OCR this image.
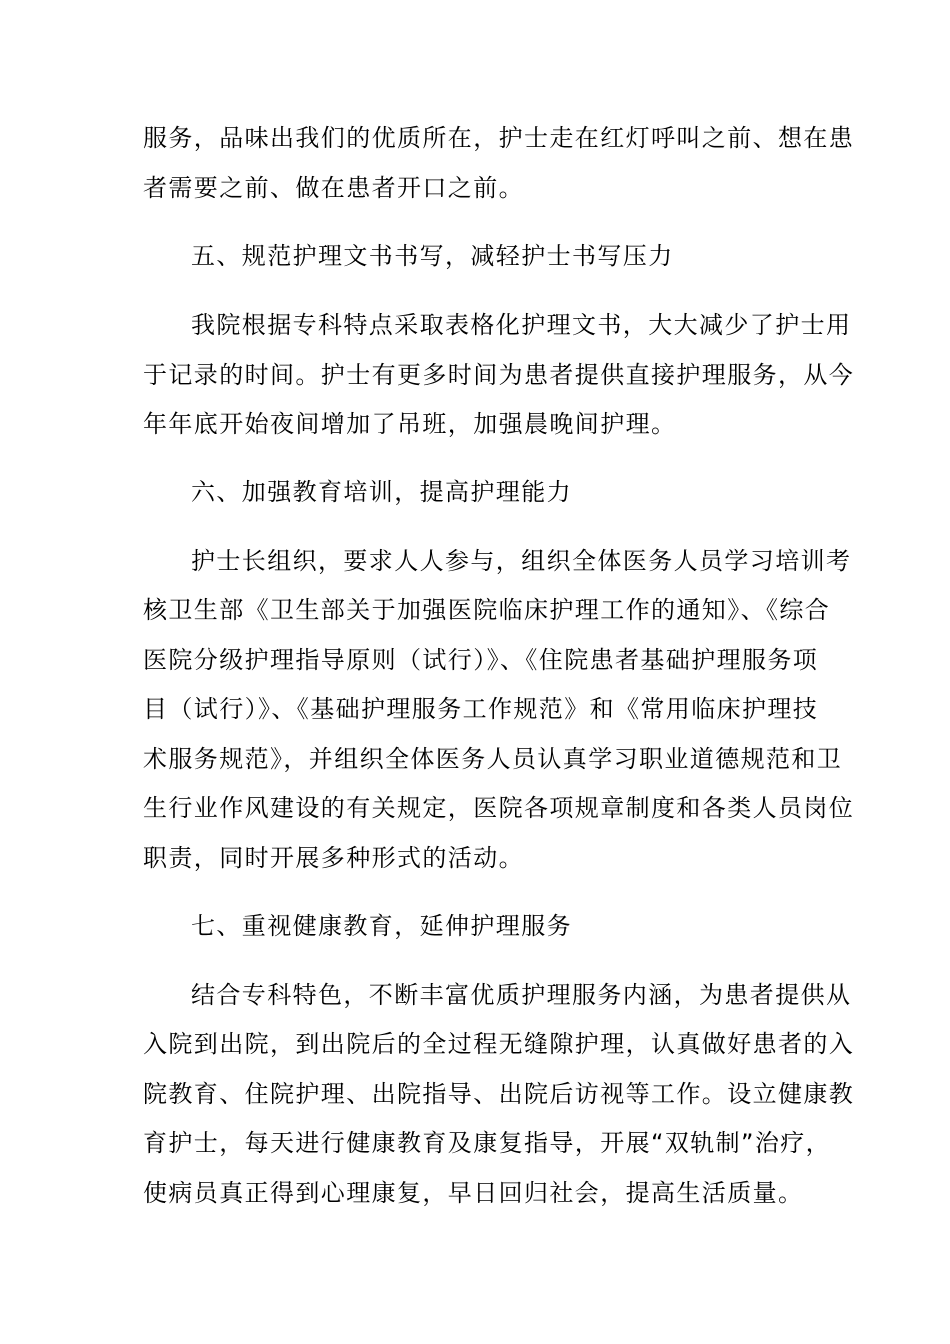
服务，品味出我们的优质所在，护士走在红灯呼叫之前、想在患
者需要之前、做在患者开口之前。
五、规范护理文书书写，减轻护士书写压力
我院根据专科特点采取表格化护理文书，大大减少了护士用
于记录的时间。护士有更多时间为患者提供直接护理服务，从今
年年底开始夜间增加了吊班，加强晨晚间护理。
六、加强教育培训，提高护理能力
护士长组织，要求人人参与，组织全体医务人员学习培训考
核卫生部《卫生部关于加强医院临床护理工作的通知》、《综合
医院分级护理指导原则（试行）》、《住院患者基础护理服务项
目（试行）》、《基础护理服务工作规范》和《常用临床护理技
术服务规范》，并组织全体医务人员认真学习职业道德规范和卫
生行业作风建设的有关规定，医院各项规章制度和各类人员岗位
职责，同时开展多种形式的活动。
七、重视健康教育，延伸护理服务
结合专科特色，不断丰富优质护理服务内涵，为患者提供从
入院到出院，到出院后的全过程无缝隙护理，认真做好患者的入
院教育、住院护理、出院指导、出院后访视等工作。设立健康教
育护士，每天进行健康教育及康复指导，开展“双轨制”治疗，
使病员真正得到心理康复，早日回归社会，提高生活质量。
